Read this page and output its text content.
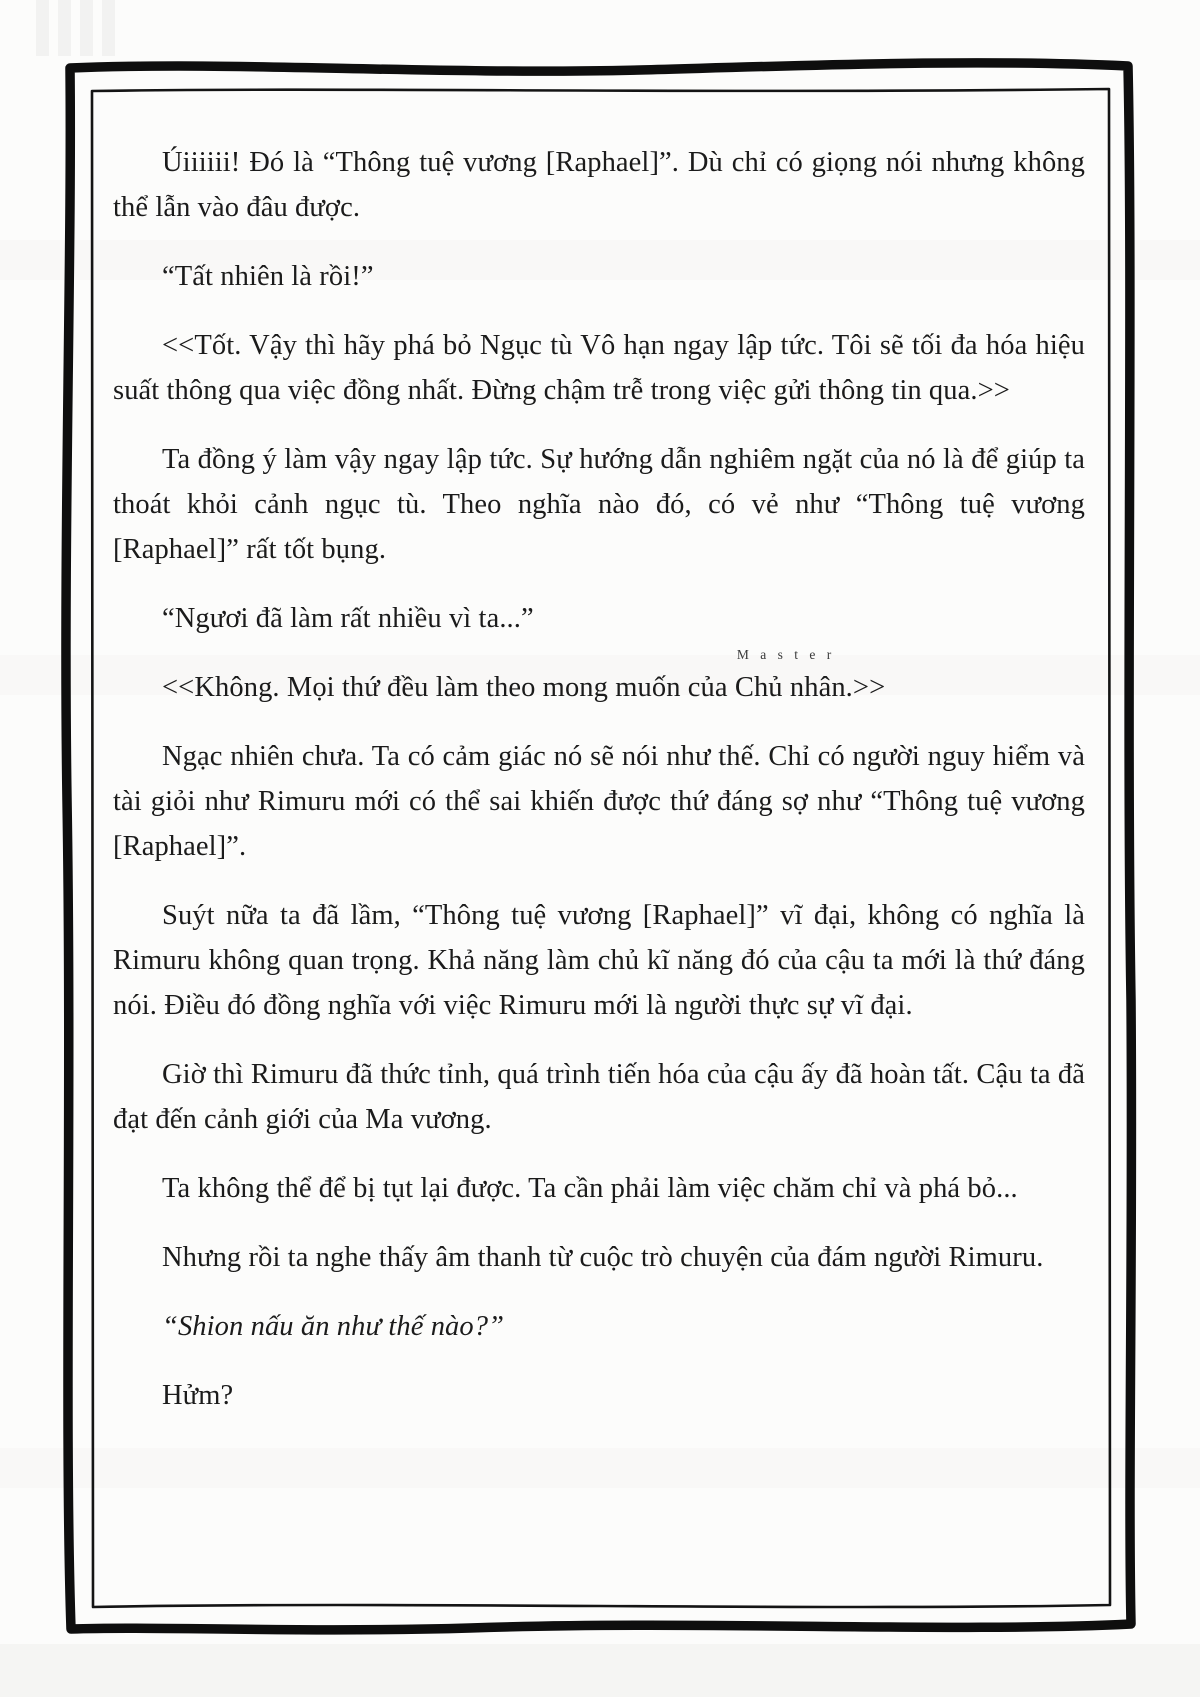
Úiiiiii! Đó là “Thông tuệ vương [Raphael]”. Dù chỉ có giọng nói nhưng không thể lẫn vào đâu được.

“Tất nhiên là rồi!”

<<Tốt. Vậy thì hãy phá bỏ Ngục tù Vô hạn ngay lập tức. Tôi sẽ tối đa hóa hiệu suất thông qua việc đồng nhất. Đừng chậm trễ trong việc gửi thông tin qua.>>

Ta đồng ý làm vậy ngay lập tức. Sự hướng dẫn nghiêm ngặt của nó là để giúp ta thoát khỏi cảnh ngục tù. Theo nghĩa nào đó, có vẻ như “Thông tuệ vương [Raphael]” rất tốt bụng.

“Ngươi đã làm rất nhiều vì ta...”

<<Không. Mọi thứ đều làm theo mong muốn của
M a s t e r
Chủ nhân.>>

Ngạc nhiên chưa. Ta có cảm giác nó sẽ nói như thế. Chỉ có người nguy hiểm và tài giỏi như Rimuru mới có thể sai khiến được thứ đáng sợ như “Thông tuệ vương [Raphael]”.

Suýt nữa ta đã lầm, “Thông tuệ vương [Raphael]” vĩ đại, không có nghĩa là Rimuru không quan trọng. Khả năng làm chủ kĩ năng đó của cậu ta mới là thứ đáng nói. Điều đó đồng nghĩa với việc Rimuru mới là người thực sự vĩ đại.

Giờ thì Rimuru đã thức tỉnh, quá trình tiến hóa của cậu ấy đã hoàn tất. Cậu ta đã đạt đến cảnh giới của Ma vương.

Ta không thể để bị tụt lại được. Ta cần phải làm việc chăm chỉ và phá bỏ...

Nhưng rồi ta nghe thấy âm thanh từ cuộc trò chuyện của đám người Rimuru.

“Shion nấu ăn như thế nào?”

Hửm?
